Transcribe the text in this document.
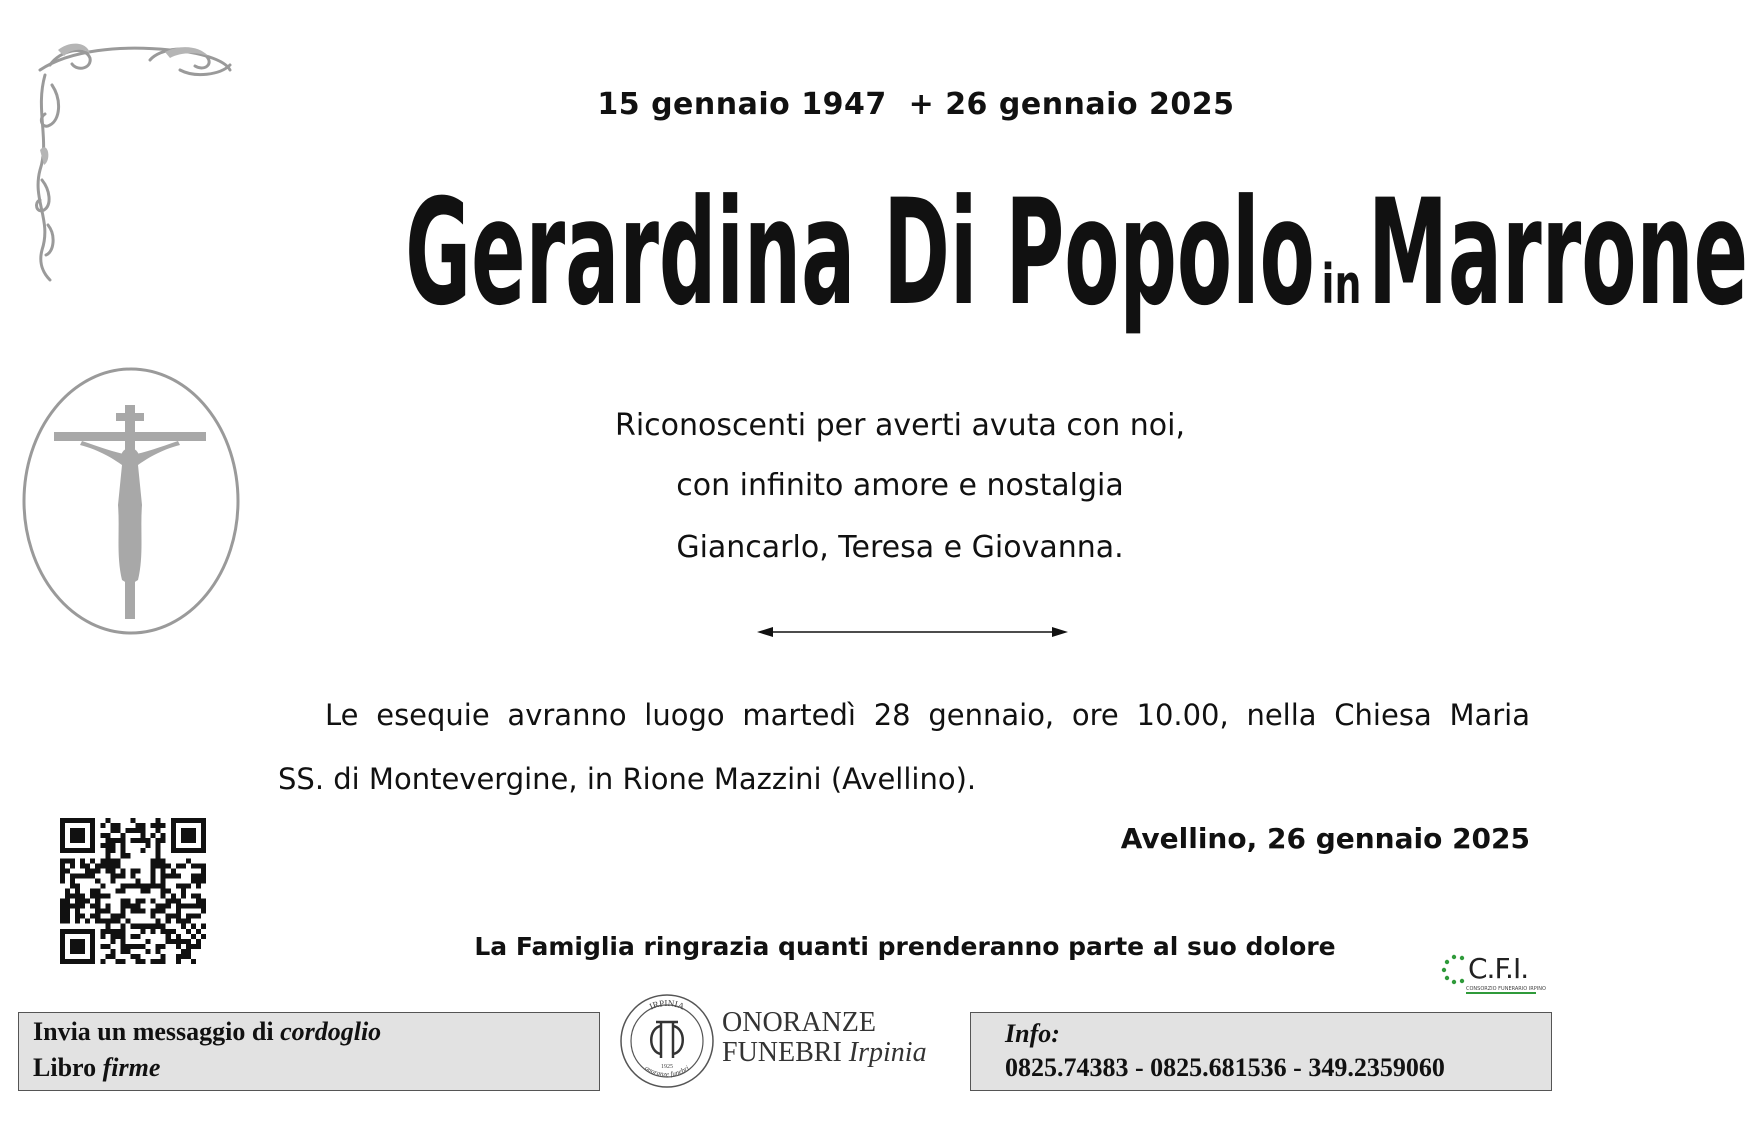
15 gennaio 1947 + 26 gennaio 2025

Gerardina Di Popolo in Marrone
Riconoscenti per averti avuta con noi,
con infinito amore e nostalgia
Giancarlo, Teresa e Giovanna.
Le esequie avranno luogo martedì 28 gennaio, ore 10.00, nella Chiesa Maria
SS. di Montevergine, in Rione Mazzini (Avellino).
Avellino, 26 gennaio 2025
La Famiglia ringrazia quanti prenderanno parte al suo dolore
C.F.I.
CONSORZIO FUNERARIO IRPINO
Invia un messaggio di cordoglio
Libro firme
IRPINIA
onoranze funebri
1925
ONORANZE
FUNEBRI Irpinia
Info:
0825.74383 - 0825.681536 - 349.2359060
